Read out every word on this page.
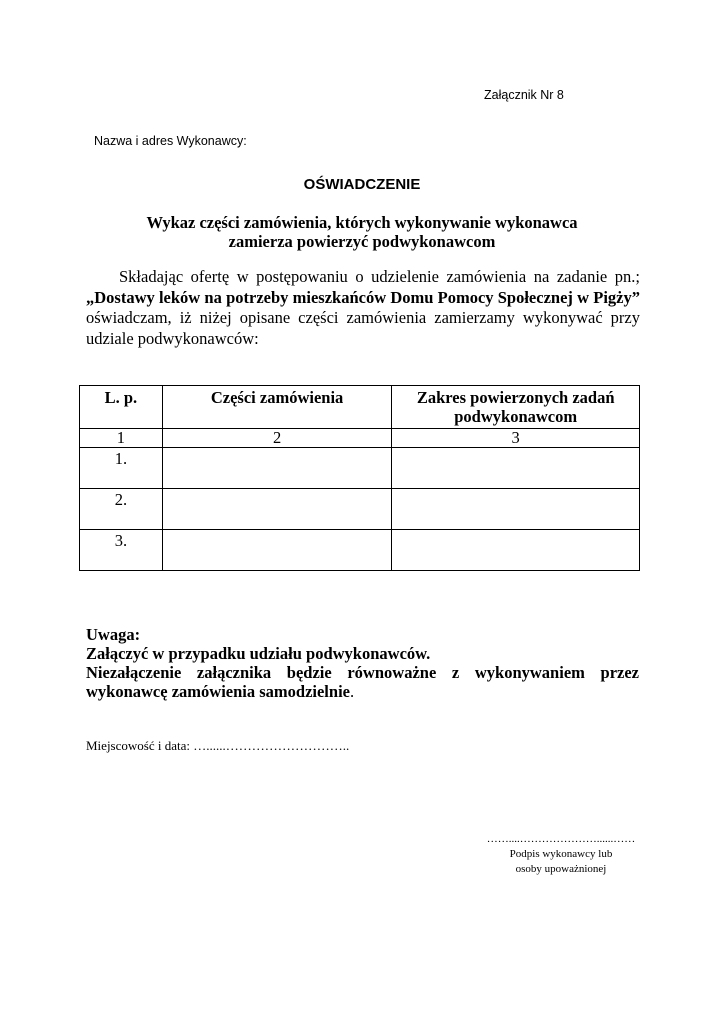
Załącznik Nr 8
Nazwa i adres Wykonawcy:
OŚWIADCZENIE
Wykaz części zamówienia, których wykonywanie wykonawca
zamierza powierzyć podwykonawcom
Składając ofertę w postępowaniu o udzielenie zamówienia na zadanie pn.; „Dostawy leków na potrzeby mieszkańców Domu Pomocy Społecznej w Pigży” oświadczam, iż niżej opisane części zamówienia zamierzamy wykonywać przy udziale podwykonawców:
L. p.	Części zamówienia	Zakres powierzonych zadań podwykonawcom
1	2	3
1.		
2.		
3.		
Uwaga:
Załączyć w przypadku udziału podwykonawców.
Niezałączenie załącznika będzie równoważne z wykonywaniem przez
wykonawcę zamówienia samodzielnie.
Miejscowość i data: …......………………………..
……....…………………......……
Podpis wykonawcy lub
osoby upoważnionej
